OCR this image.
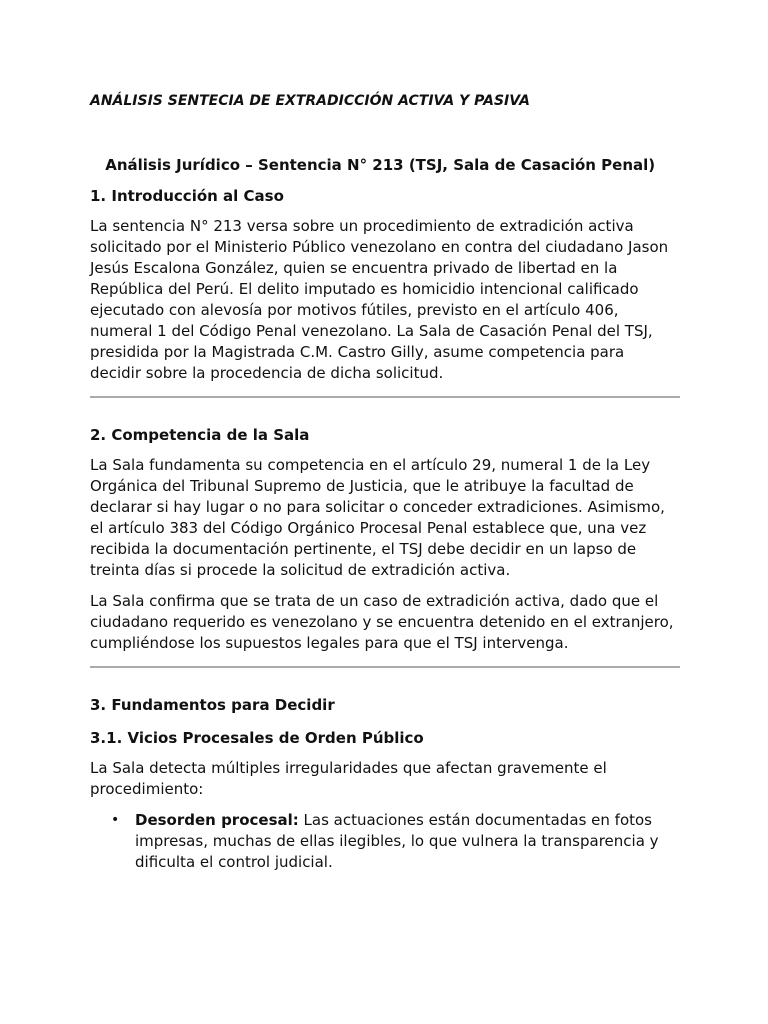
ANÁLISIS SENTECIA DE EXTRADICCIÓN ACTIVA Y PASIVA

Análisis Jurídico – Sentencia N° 213 (TSJ, Sala de Casación Penal)

1. Introducción al Caso

La sentencia N° 213 versa sobre un procedimiento de extradición activa solicitado por el Ministerio Público venezolano en contra del ciudadano Jason Jesús Escalona González, quien se encuentra privado de libertad en la República del Perú. El delito imputado es homicidio intencional calificado ejecutado con alevosía por motivos fútiles, previsto en el artículo 406, numeral 1 del Código Penal venezolano. La Sala de Casación Penal del TSJ, presidida por la Magistrada C.M. Castro Gilly, asume competencia para decidir sobre la procedencia de dicha solicitud.

2. Competencia de la Sala

La Sala fundamenta su competencia en el artículo 29, numeral 1 de la Ley Orgánica del Tribunal Supremo de Justicia, que le atribuye la facultad de declarar si hay lugar o no para solicitar o conceder extradiciones. Asimismo, el artículo 383 del Código Orgánico Procesal Penal establece que, una vez recibida la documentación pertinente, el TSJ debe decidir en un lapso de treinta días si procede la solicitud de extradición activa.

La Sala confirma que se trata de un caso de extradición activa, dado que el ciudadano requerido es venezolano y se encuentra detenido en el extranjero, cumpliéndose los supuestos legales para que el TSJ intervenga.

3. Fundamentos para Decidir

3.1. Vicios Procesales de Orden Público

La Sala detecta múltiples irregularidades que afectan gravemente el procedimiento:

• Desorden procesal: Las actuaciones están documentadas en fotos impresas, muchas de ellas ilegibles, lo que vulnera la transparencia y dificulta el control judicial.
